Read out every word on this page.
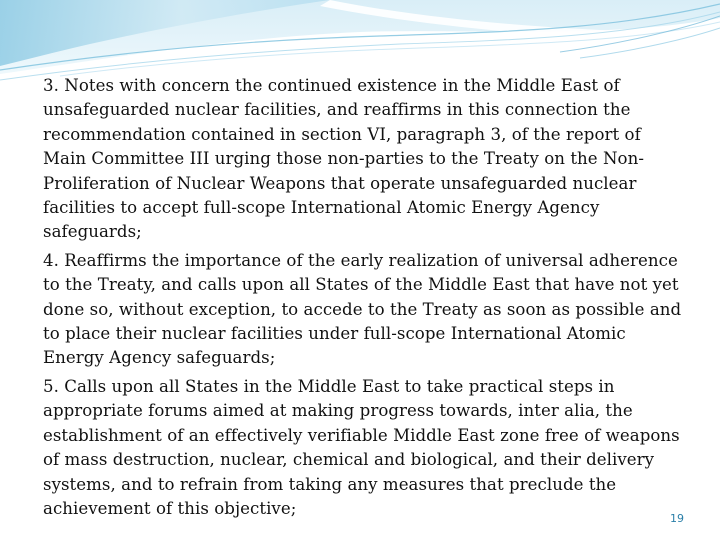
3. Notes with concern the continued existence in the Middle East of unsafeguarded nuclear facilities, and reaffirms in this connection the recommendation contained in section VI, paragraph 3, of the report of Main Committee III urging those non-parties to the Treaty on the Non-Proliferation of Nuclear Weapons that operate unsafeguarded nuclear facilities to accept full-scope International Atomic Energy Agency safeguards;

4. Reaffirms the importance of the early realization of universal adherence to the Treaty, and calls upon all States of the Middle East that have not yet done so, without exception, to accede to the Treaty as soon as possible and to place their nuclear facilities under full-scope International Atomic Energy Agency safeguards;

5. Calls upon all States in the Middle East to take practical steps in appropriate forums aimed at making progress towards, inter alia, the establishment of an effectively verifiable Middle East zone free of weapons of mass destruction, nuclear, chemical and biological, and their delivery systems, and to refrain from taking any measures that preclude the achievement of this objective;

19
